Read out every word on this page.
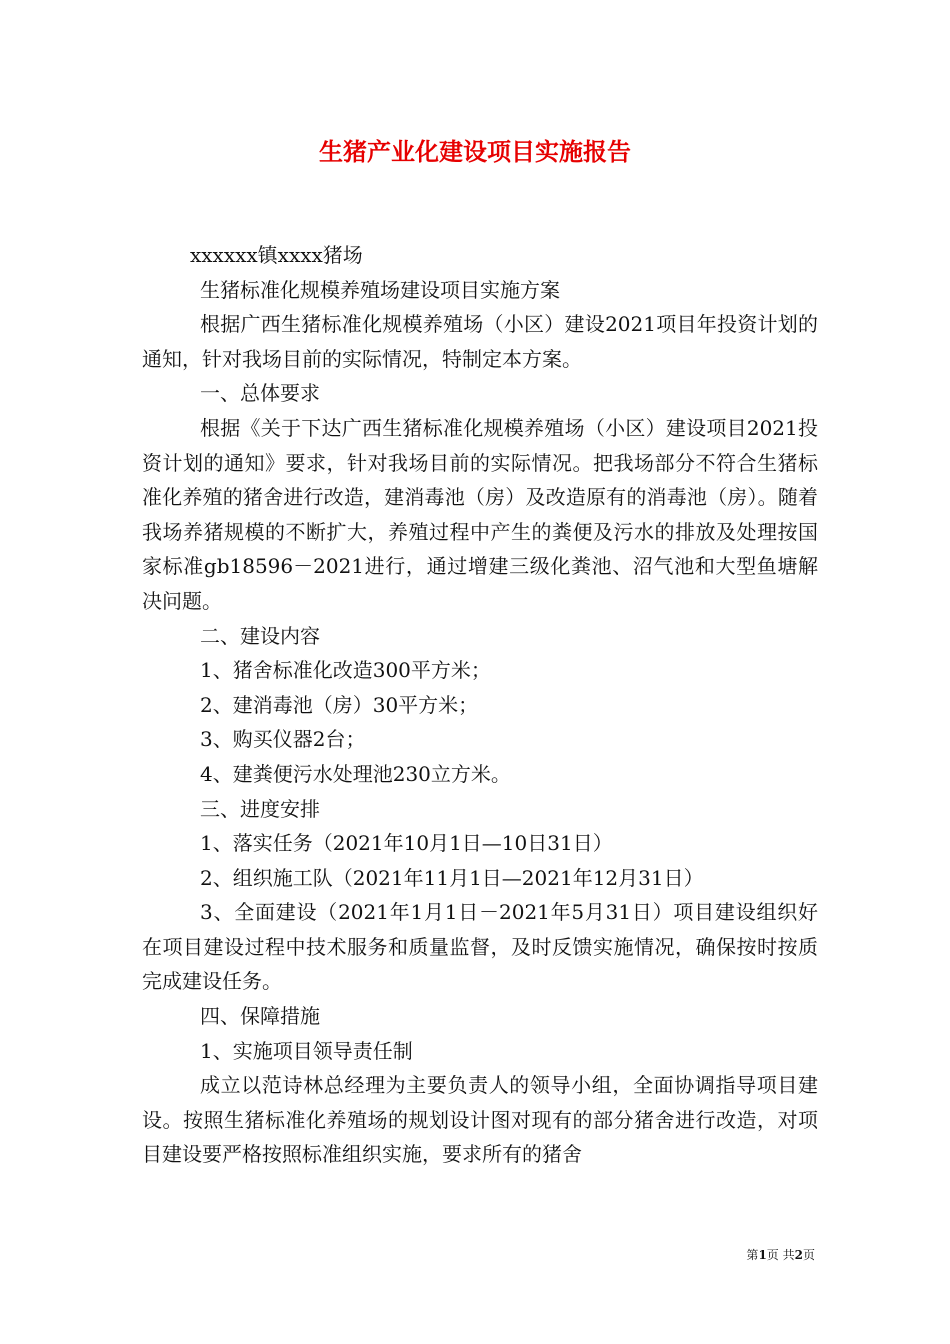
生猪产业化建设项目实施报告

xxxxxx镇xxxx猪场

生猪标准化规模养殖场建设项目实施方案

根据广西生猪标准化规模养殖场（小区）建设2021项目年投资计划的通知，针对我场目前的实际情况，特制定本方案。

一、总体要求

根据《关于下达广西生猪标准化规模养殖场（小区）建设项目2021投资计划的通知》要求，针对我场目前的实际情况。把我场部分不符合生猪标准化养殖的猪舍进行改造，建消毒池（房）及改造原有的消毒池（房）。随着我场养猪规模的不断扩大，养殖过程中产生的粪便及污水的排放及处理按国家标准gb18596－2021进行，通过增建三级化粪池、沼气池和大型鱼塘解决问题。

二、建设内容

1、猪舍标准化改造300平方米；

2、建消毒池（房）30平方米；

3、购买仪器2台；

4、建粪便污水处理池230立方米。

三、进度安排

1、落实任务（2021年10月1日—10日31日）

2、组织施工队（2021年11月1日—2021年12月31日）

3、全面建设（2021年1月1日－2021年5月31日）项目建设组织好在项目建设过程中技术服务和质量监督，及时反馈实施情况，确保按时按质完成建设任务。

四、保障措施

1、实施项目领导责任制

成立以范诗林总经理为主要负责人的领导小组，全面协调指导项目建设。按照生猪标准化养殖场的规划设计图对现有的部分猪舍进行改造，对项目建设要严格按照标准组织实施，要求所有的猪舍

第1页 共2页
